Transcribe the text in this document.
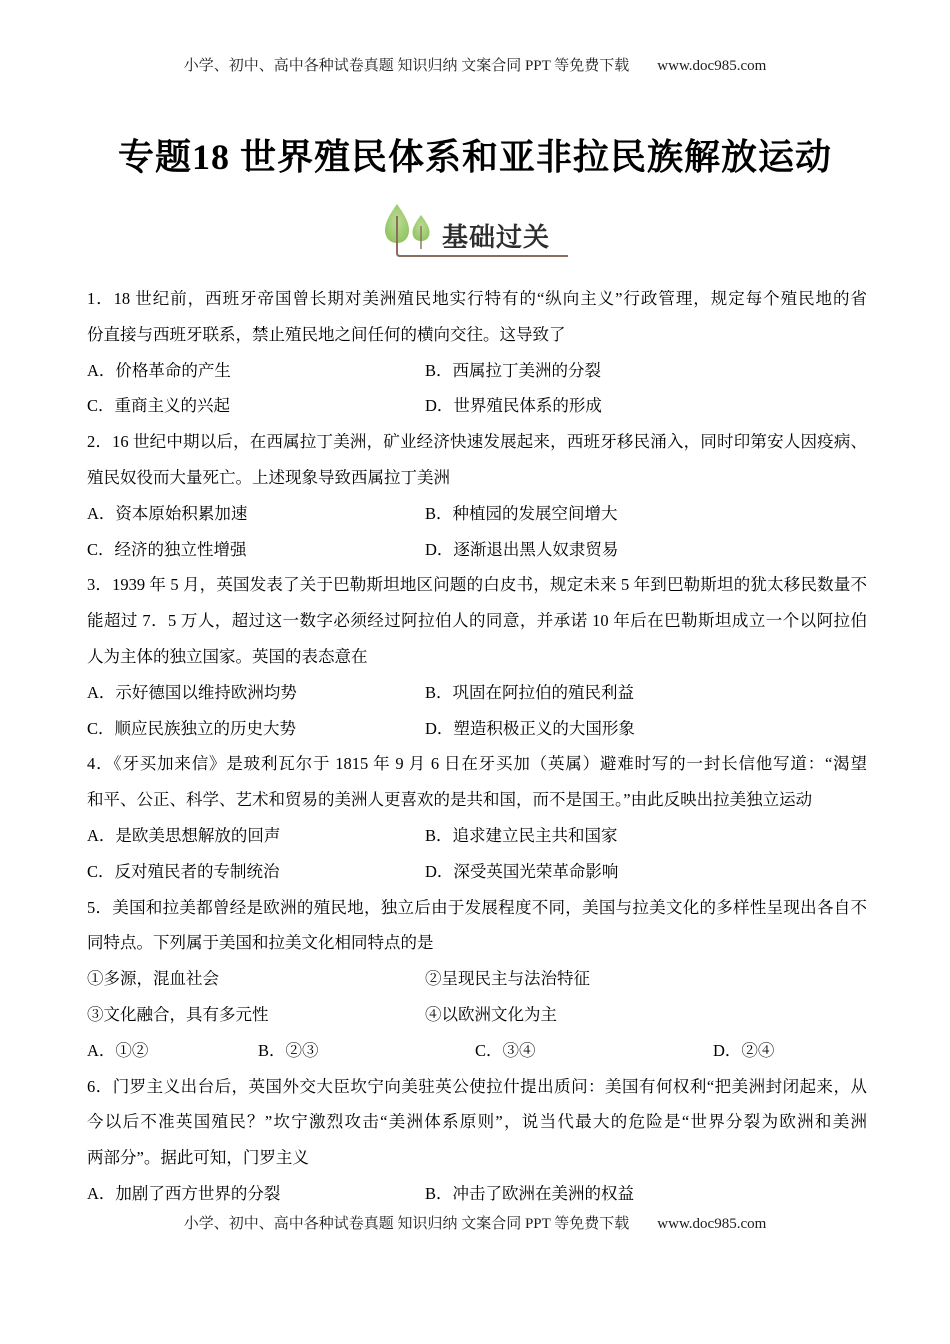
小学、初中、高中各种试卷真题 知识归纳 文案合同 PPT 等免费下载 www.doc985.com
专题18 世界殖民体系和亚非拉民族解放运动
基础过关
1．18 世纪前，西班牙帝国曾长期对美洲殖民地实行特有的“纵向主义”行政管理，规定每个殖民地的省
份直接与西班牙联系，禁止殖民地之间任何的横向交往。这导致了
A．价格革命的产生	B．西属拉丁美洲的分裂
C．重商主义的兴起	D．世界殖民体系的形成
2．16 世纪中期以后，在西属拉丁美洲，矿业经济快速发展起来，西班牙移民涌入，同时印第安人因疫病、
殖民奴役而大量死亡。上述现象导致西属拉丁美洲
A．资本原始积累加速	B．种植园的发展空间增大
C．经济的独立性增强	D．逐渐退出黑人奴隶贸易
3．1939 年 5 月，英国发表了关于巴勒斯坦地区问题的白皮书，规定未来 5 年到巴勒斯坦的犹太移民数量不
能超过 7．5 万人，超过这一数字必须经过阿拉伯人的同意，并承诺 10 年后在巴勒斯坦成立一个以阿拉伯
人为主体的独立国家。英国的表态意在
A．示好德国以维持欧洲均势	B．巩固在阿拉伯的殖民利益
C．顺应民族独立的历史大势	D．塑造积极正义的大国形象
4．《牙买加来信》是玻利瓦尔于 1815 年 9 月 6 日在牙买加（英属）避难时写的一封长信他写道：“渴望
和平、公正、科学、艺术和贸易的美洲人更喜欢的是共和国，而不是国王。”由此反映出拉美独立运动
A．是欧美思想解放的回声	B．追求建立民主共和国家
C．反对殖民者的专制统治	D．深受英国光荣革命影响
5．美国和拉美都曾经是欧洲的殖民地，独立后由于发展程度不同，美国与拉美文化的多样性呈现出各自不
同特点。下列属于美国和拉美文化相同特点的是
①多源，混血社会	②呈现民主与法治特征
③文化融合，具有多元性	④以欧洲文化为主
A．①②	B．②③	C．③④	D．②④
6．门罗主义出台后，英国外交大臣坎宁向美驻英公使拉什提出质问：美国有何权利“把美洲封闭起来，从
今以后不准英国殖民？”坎宁激烈攻击“美洲体系原则”，说当代最大的危险是“世界分裂为欧洲和美洲
两部分”。据此可知，门罗主义
A．加剧了西方世界的分裂	B．冲击了欧洲在美洲的权益
小学、初中、高中各种试卷真题 知识归纳 文案合同 PPT 等免费下载 www.doc985.com
